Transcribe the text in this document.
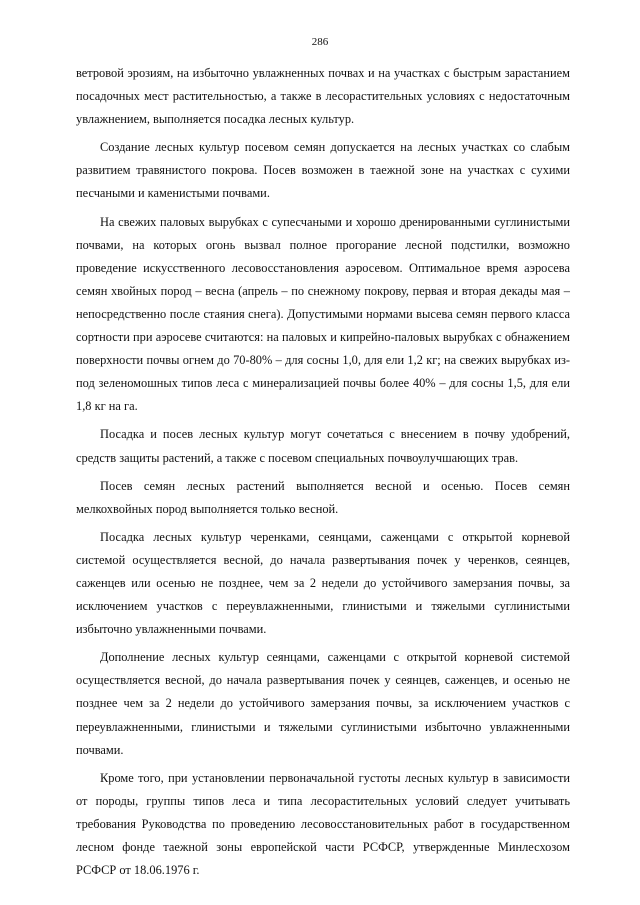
286

ветровой эрозиям, на избыточно увлажненных почвах и на участках с быстрым зарастанием посадочных мест растительностью, а также в лесорастительных условиях с недостаточным увлажнением, выполняется посадка лесных культур.

Создание лесных культур посевом семян допускается на лесных участках со слабым развитием травянистого покрова. Посев возможен в таежной зоне на участках с сухими песчаными и каменистыми почвами.

На свежих паловых вырубках с супесчаными и хорошо дренированными суглинистыми почвами, на которых огонь вызвал полное прогорание лесной подстилки, возможно проведение искусственного лесовосстановления аэросевом. Оптимальное время аэросева семян хвойных пород – весна (апрель – по снежному покрову, первая и вторая декады мая – непосредственно после стаяния снега). Допустимыми нормами высева семян первого класса сортности при аэросеве считаются: на паловых и кипрейно-паловых вырубках с обнажением поверхности почвы огнем до 70-80% – для сосны 1,0, для ели 1,2 кг; на свежих вырубках из-под зеленомошных типов леса с минерализацией почвы более 40% – для сосны 1,5, для ели 1,8 кг на га.

Посадка и посев лесных культур могут сочетаться с внесением в почву удобрений, средств защиты растений, а также с посевом специальных почвоулучшающих трав.

Посев семян лесных растений выполняется весной и осенью. Посев семян мелкохвойных пород выполняется только весной.

Посадка лесных культур черенками, сеянцами, саженцами с открытой корневой системой осуществляется весной, до начала развертывания почек у черенков, сеянцев, саженцев или осенью не позднее, чем за 2 недели до устойчивого замерзания почвы, за исключением участков с переувлажненными, глинистыми и тяжелыми суглинистыми избыточно увлажненными почвами.

Дополнение лесных культур сеянцами, саженцами с открытой корневой системой осуществляется весной, до начала развертывания почек у сеянцев, саженцев, и осенью не позднее чем за 2 недели до устойчивого замерзания почвы, за исключением участков с переувлажненными, глинистыми и тяжелыми суглинистыми избыточно увлажненными почвами.

Кроме того, при установлении первоначальной густоты лесных культур в зависимости от породы, группы типов леса и типа лесорастительных условий следует учитывать требования Руководства по проведению лесовосстановительных работ в государственном лесном фонде таежной зоны европейской части РСФСР, утвержденные Минлесхозом РСФСР от 18.06.1976 г.
